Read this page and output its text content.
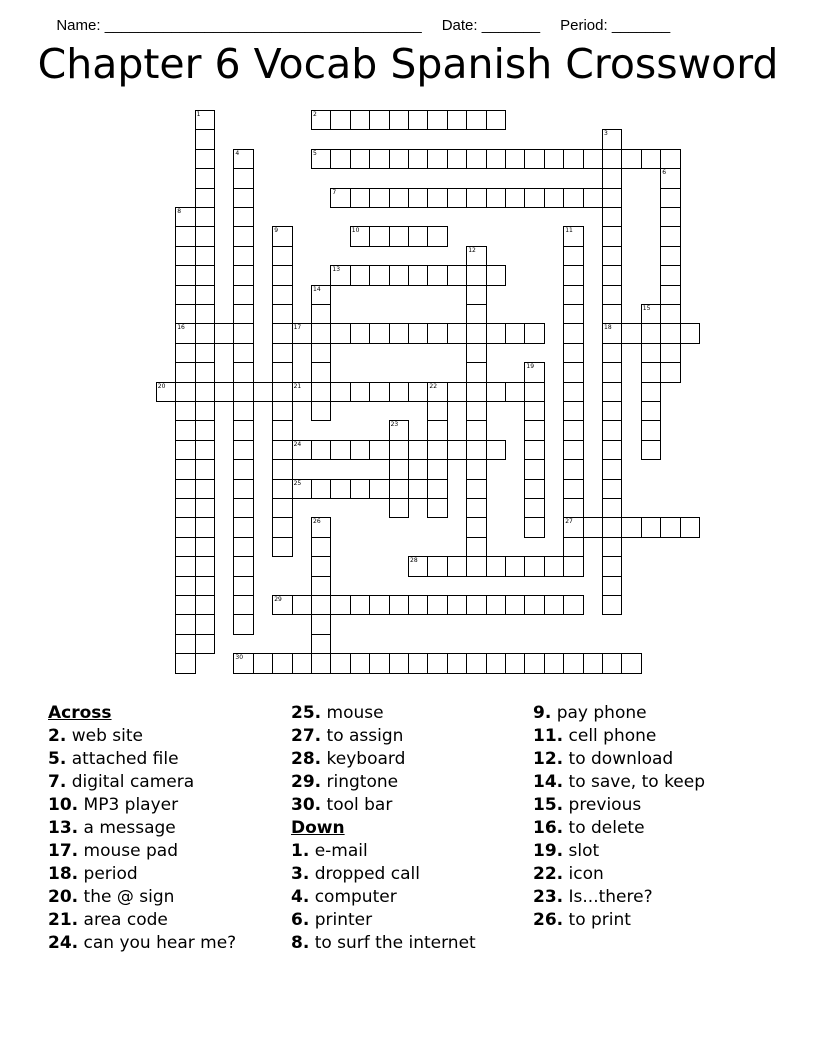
Name: ______________________________________ Date: _______ Period: _______

Chapter 6 Vocab Spanish Crossword
2
5
7
10
13
16	17	18
20	21	22
24
25
27
28
29
30
1
3
4
6
8
9	11
12
14
15
19
23
26
Across
2. web site
5. attached file
7. digital camera
10. MP3 player
13. a message
17. mouse pad
18. period
20. the @ sign
21. area code
24. can you hear me?
25. mouse
27. to assign
28. keyboard
29. ringtone
30. tool bar
Down
1. e-mail
3. dropped call
4. computer
6. printer
8. to surf the internet
9. pay phone
11. cell phone
12. to download
14. to save, to keep
15. previous
16. to delete
19. slot
22. icon
23. Is...there?
26. to print
